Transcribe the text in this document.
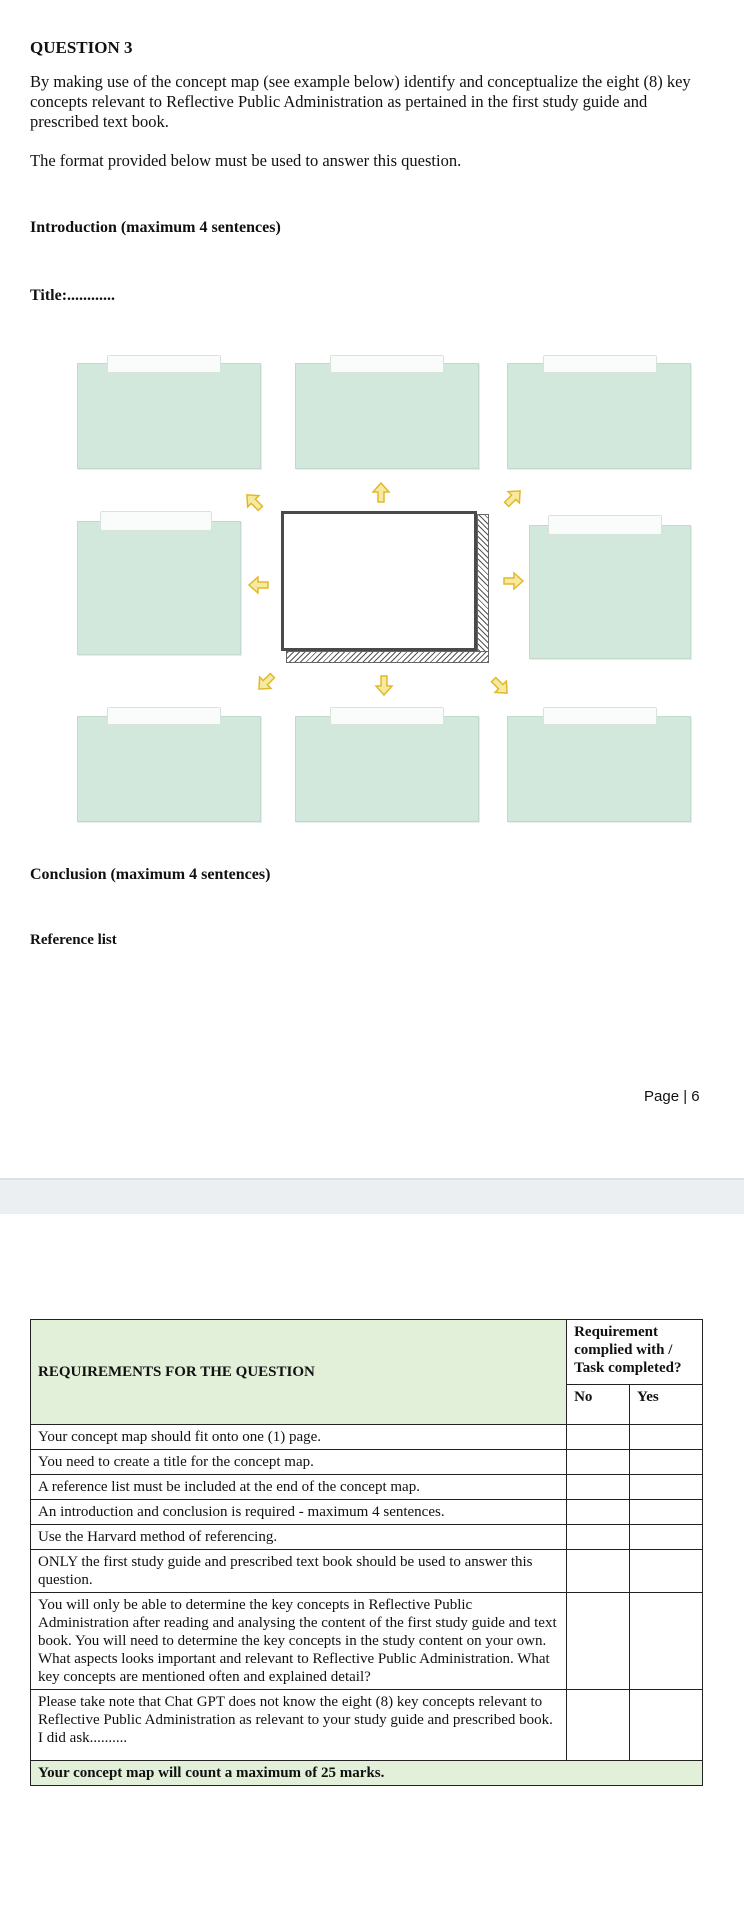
QUESTION 3
By making use of the concept map (see example below) identify and conceptualize the eight (8) key concepts relevant to Reflective Public Administration as pertained in the first study guide and prescribed text book.
The format provided below must be used to answer this question.
Introduction (maximum 4 sentences)
Title:............
Conclusion (maximum 4 sentences)
Reference list
Page | 6
REQUIREMENTS FOR THE QUESTION	Requirement complied with / Task completed?	
	No	Yes
Your concept map should fit onto one (1) page.		
You need to create a title for the concept map.		
A reference list must be included at the end of the concept map.		
An introduction and conclusion is required - maximum 4 sentences.		
Use the Harvard method of referencing.		
ONLY the first study guide and prescribed text book should be used to answer this question.		
You will only be able to determine the key concepts in Reflective Public Administration after reading and analysing the content of the first study guide and text book. You will need to determine the key concepts in the study content on your own. What aspects looks important and relevant to Reflective Public Administration. What key concepts are mentioned often and explained detail?		
Please take note that Chat GPT does not know the eight (8) key concepts relevant to Reflective Public Administration as relevant to your study guide and prescribed book. I did ask..........		
Your concept map will count a maximum of 25 marks.		
